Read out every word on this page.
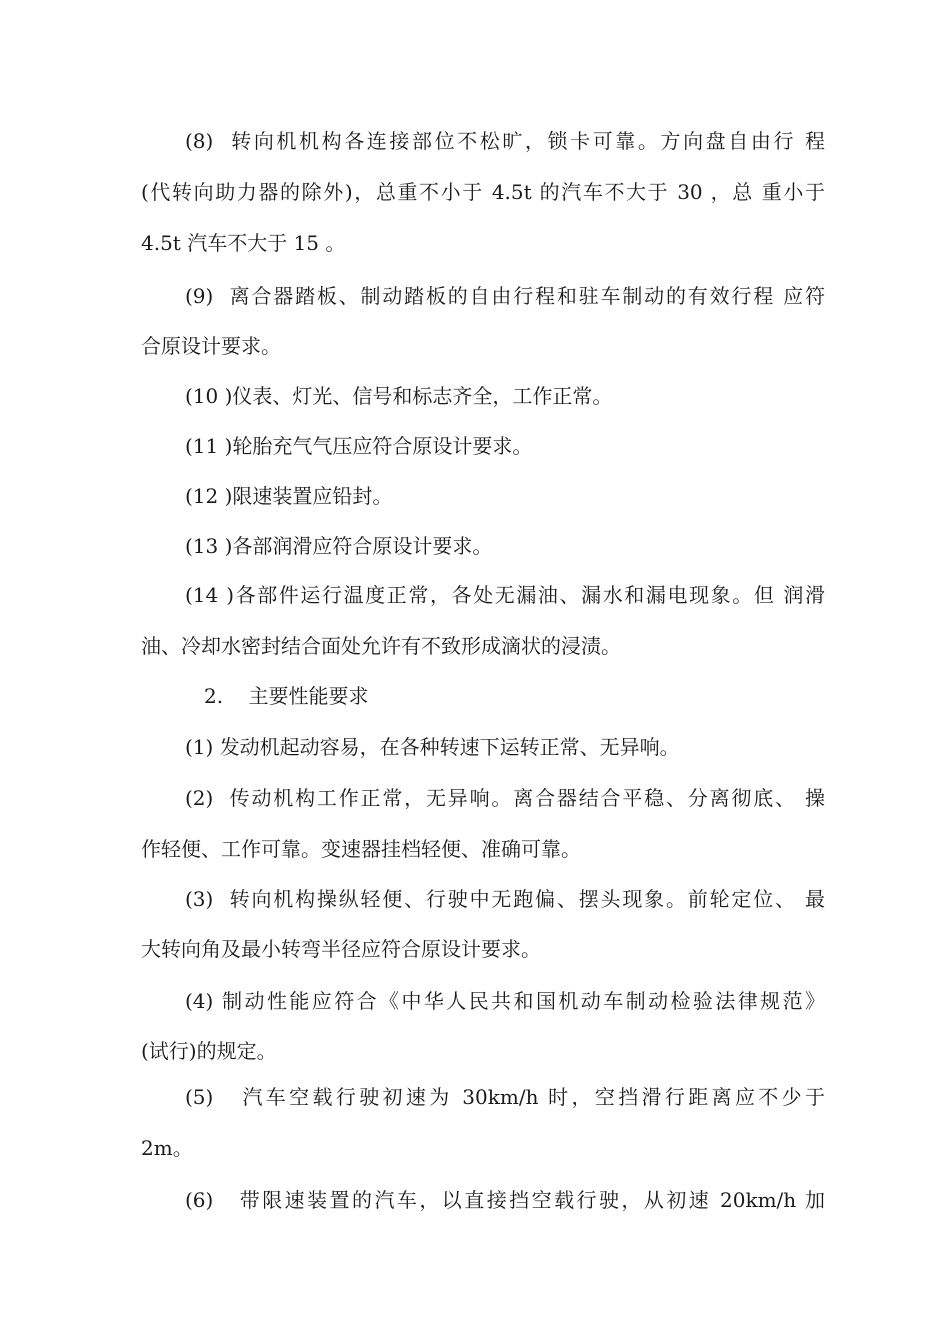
(8)  转向机机构各连接部位不松旷，锁卡可靠。方向盘自由行 程
(代转向助力器的除外)，总重不小于 4.5t 的汽车不大于 30 ，总 重小于
4.5t 汽车不大于 15 。
(9)  离合器踏板、制动踏板的自由行程和驻车制动的有效行程 应符
合原设计要求。
(10 )仪表、灯光、信号和标志齐全，工作正常。
(11 )轮胎充气气压应符合原设计要求。
(12 )限速装置应铅封。
(13 )各部润滑应符合原设计要求。
(14 )各部件运行温度正常，各处无漏油、漏水和漏电现象。但 润滑
油、冷却水密封结合面处允许有不致形成滴状的浸渍。
2.    主要性能要求
(1) 发动机起动容易，在各种转速下运转正常、无异响。
(2)  传动机构工作正常，无异响。离合器结合平稳、分离彻底、 操
作轻便、工作可靠。变速器挂档轻便、准确可靠。
(3)  转向机构操纵轻便、行驶中无跑偏、摆头现象。前轮定位、 最
大转向角及最小转弯半径应符合原设计要求。
(4) 制动性能应符合《中华人民共和国机动车制动检验法律规范》
(试行)的规定。
(5)   汽车空载行驶初速为 30km/h 时，空挡滑行距离应不少于
2m。
(6)   带限速装置的汽车，以直接挡空载行驶，从初速 20km/h 加
